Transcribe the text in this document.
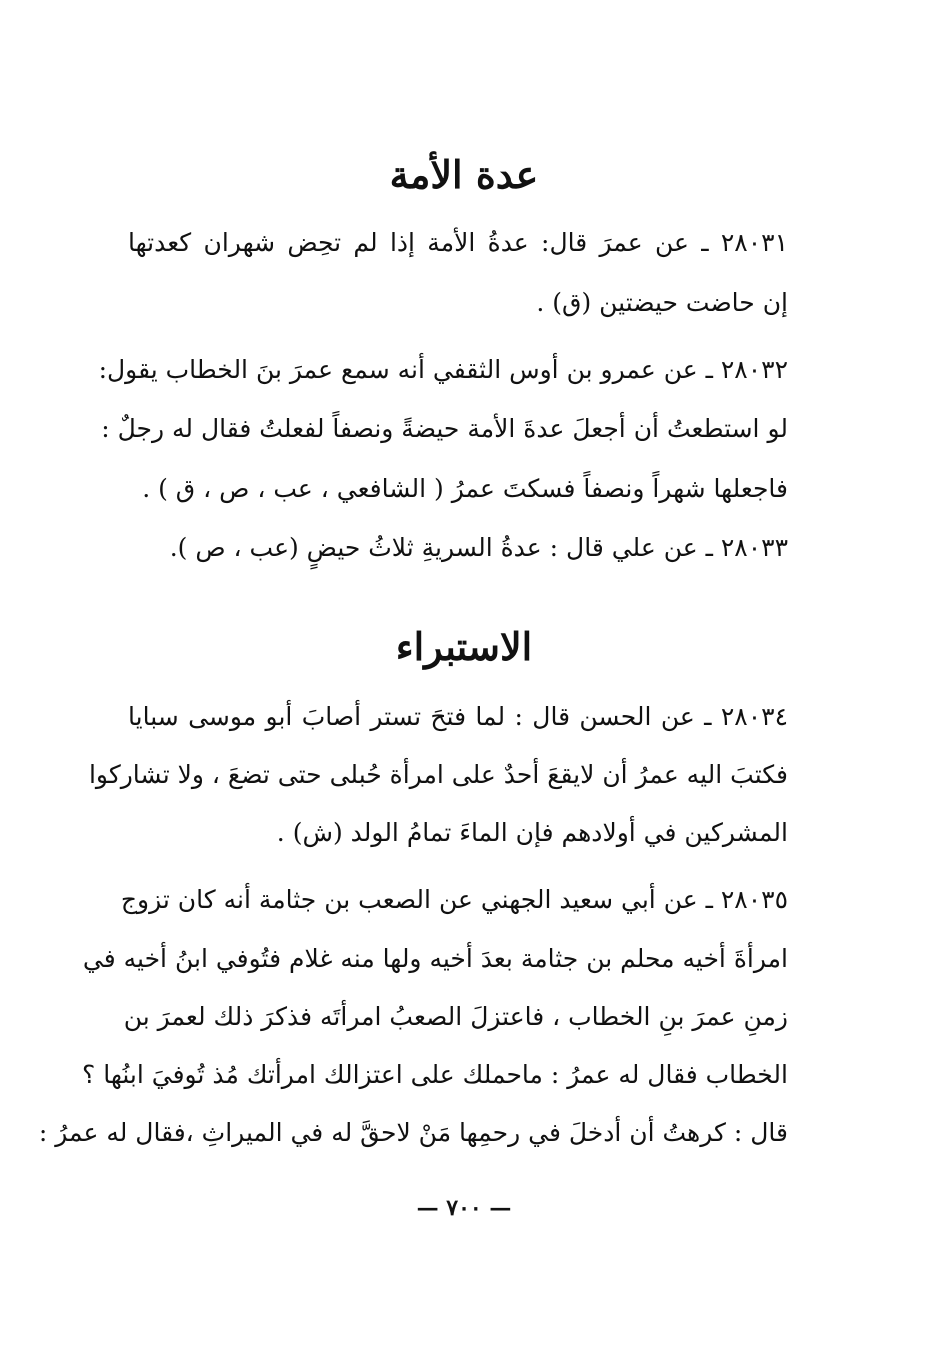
عدة الأمة
٢٨٠٣١ ـ عن عمرَ قال: عدةُ الأمة إذا لم تحِض شهران كعدتها
إن حاضت حيضتين (ق) .
٢٨٠٣٢ ـ عن عمرو بن أوس الثقفي أنه سمع عمرَ بنَ الخطاب يقول:
لو استطعتُ أن أجعلَ عدةَ الأمة حيضةً ونصفاً لفعلتُ فقال له رجلٌ :
فاجعلها شهراً ونصفاً فسكتَ عمرُ ( الشافعي ، عب ، ص ، ق ) .
٢٨٠٣٣ ـ عن علي قال : عدةُ السريةِ ثلاثُ حيضٍ (عب ، ص ).
الاستبراء
٢٨٠٣٤ ـ عن الحسن قال : لما فتحَ تستر أصابَ أبو موسى سبايا
فكتبَ اليه عمرُ أن لايقعَ أحدٌ على امرأة حُبلى حتى تضعَ ، ولا تشاركوا
المشركين في أولادهم فإن الماءَ تمامُ الولد (ش) .
٢٨٠٣٥ ـ عن أبي سعيد الجهني عن الصعب بن جثامة أنه كان تزوج
امرأةَ أخيه محلم بن جثامة بعدَ أخيه ولها منه غلام فتُوفي ابنُ أخيه في
زمنِ عمرَ بنِ الخطاب ، فاعتزلَ الصعبُ امرأتَه فذكرَ ذلك لعمرَ بن
الخطاب فقال له عمرُ : ماحملك على اعتزالك امرأتك مُذ تُوفيَ ابنُها ؟
قال : كرهتُ أن أدخلَ في رحمِها مَنْ لاحقَّ له في الميراثِ ،فقال له عمرُ :
— ٧٠٠ —
